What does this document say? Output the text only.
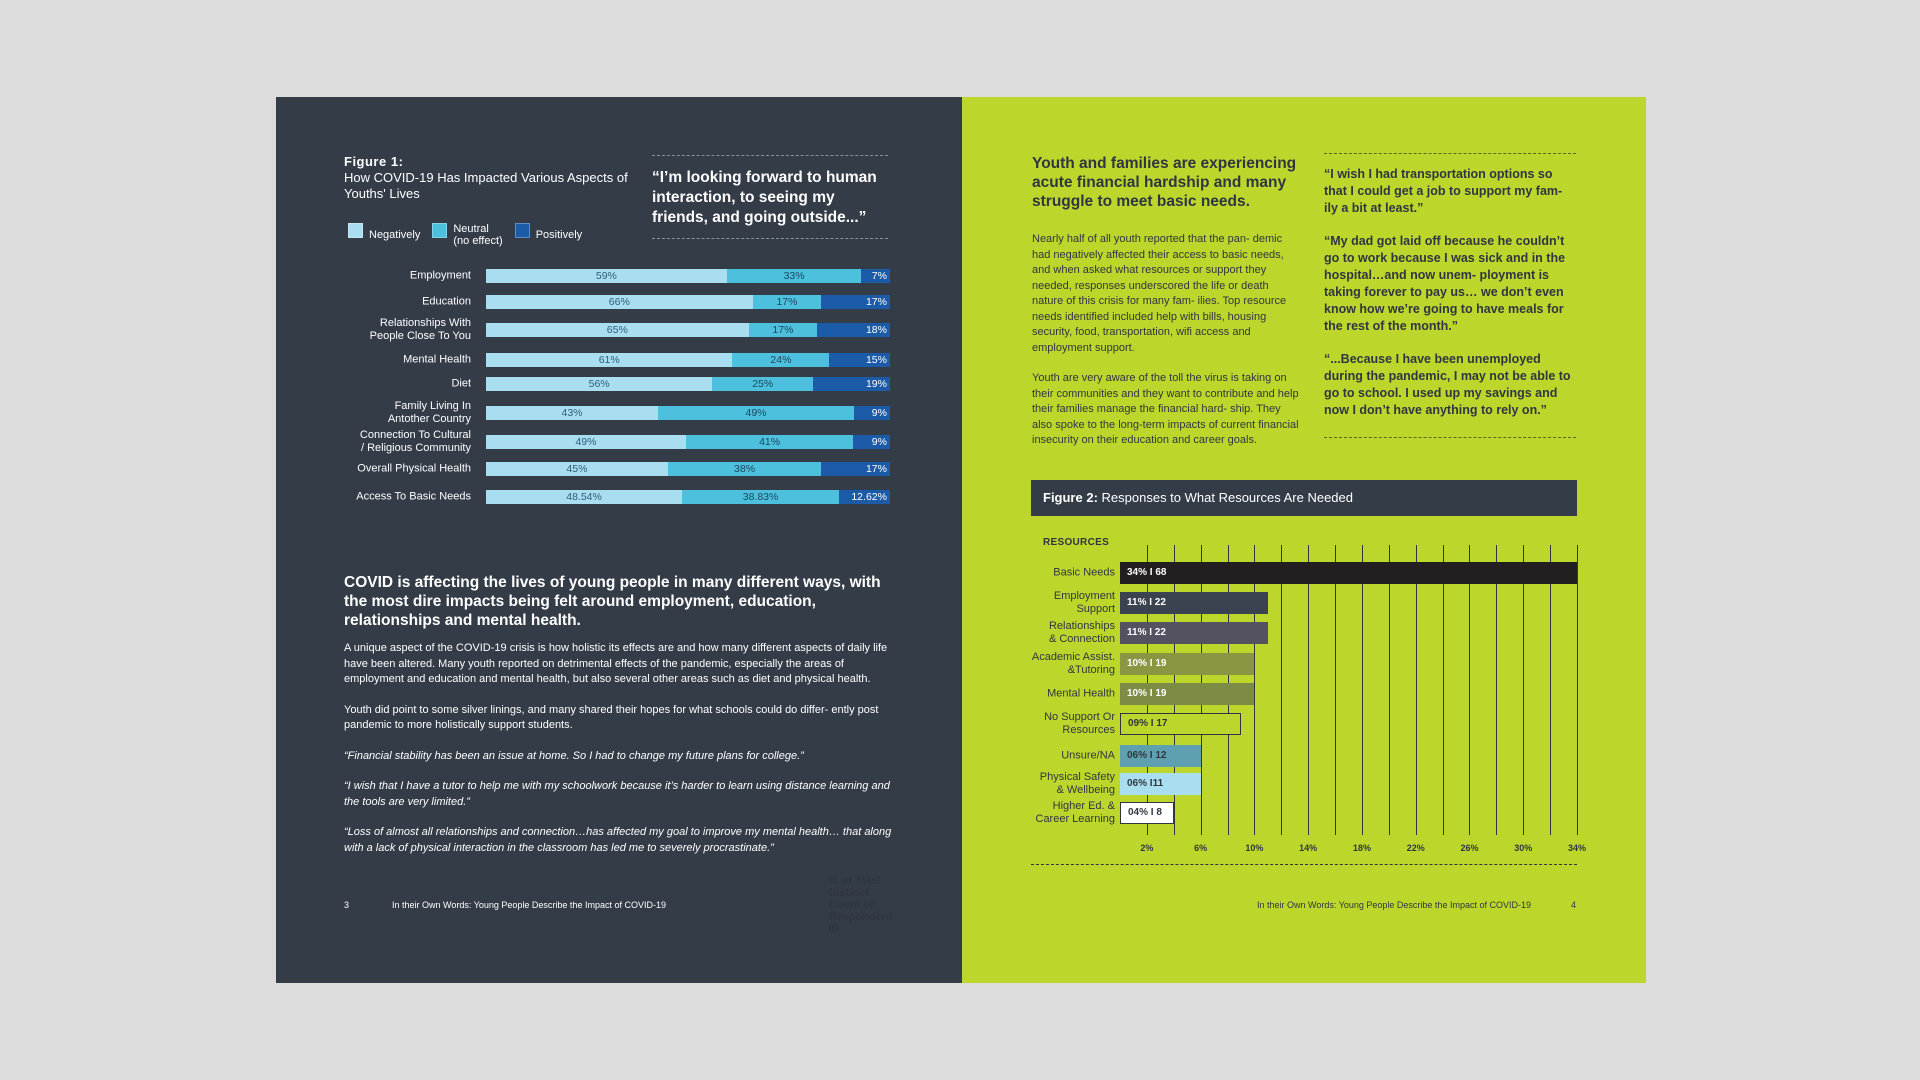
Figure 1:
How COVID-19 Has Impacted Various Aspects of Youths' Lives
“I’m looking forward to human interaction, to seeing my friends, and going outside...”
Negatively	Neutral
(no effect)	Positively
Employment	59%	33%	7%
Education	66%	17%	17%
Relationships With
People Close To You	65%	17%	18%
Mental Health	61%	24%	15%
Diet	56%	25%	19%
Family Living In
Antother Country	43%	49%	9%
Connection To Cultural
/ Religious Community	49%	41%	9%
Overall Physical Health	45%	38%	17%
Access To Basic Needs	48.54%	38.83%	12.62%
COVID is affecting the lives of young people in many different ways, with the most dire impacts being felt around employment, education, relationships and mental health.

A unique aspect of the COVID-19 crisis is how holistic its effects are and how many different aspects of daily life have been altered. Many youth reported on detrimental effects of the pandemic, especially the areas of employment and education and mental health, but also several other areas such as diet and physical health.

Youth did point to some silver linings, and many shared their hopes for what schools could do differ- ently post pandemic to more holistically support students.

“Financial stability has been an issue at home. So I had to change my future plans for college.”

“I wish that I have a tutor to help me with my schoolwork because it’s harder to learn using distance learning and the tools are very limited.”

“Loss of almost all relationships and connection…has affected my goal to improve my mental health… that along with a lack of physical interaction in the classroom has led me to severely procrastinate.”

3	In their Own Words: Young People Describe the Impact of COVID-19
Youth and families are experiencing acute financial hardship and many struggle to meet basic needs.

Nearly half of all youth reported that the pan- demic had negatively affected their access to basic needs, and when asked what resources or support they needed, responses underscored the life or death nature of this crisis for many fam- ilies. Top resource needs identified included help with bills, housing security, food, transportation, wifi access and employment support.

Youth are very aware of the toll the virus is taking on their communities and they want to contribute and help their families manage the financial hard- ship. They also spoke to the long-term impacts of current financial insecurity on their education and career goals.

“I wish I had transportation options so that I could get a job to support my fam- ily a bit at least.”

“My dad got laid off because he couldn’t go to work because I was sick and in the hospital…and now unem- ployment is taking forever to pay us… we don’t even know how we’re going to have meals for the rest of the month.”

“...Because I have been unemployed during the pandemic, I may not be able to go to school. I used up my savings and now I don’t have anything to rely on.”

Figure 2: Responses to What Resources Are Needed
RESOURCES
% of Total Distinct Count of Respondent ID
2%	6%	10%	14%	18%	22%	26%	30%	34%
Basic Needs	34% I 68
Employment
Support
11% I 22
Relationships
& Connection
11% I 22
Academic Assist.
&Tutoring
10% I 19
Mental Health	10% I 19
No Support Or
Resources
09% I 17
Unsure/NA	06% I 12
Physical Safety
& Wellbeing
06% I11
Higher Ed. &
Career Learning
04% I 8
In their Own Words: Young People Describe the Impact of COVID-19	4
